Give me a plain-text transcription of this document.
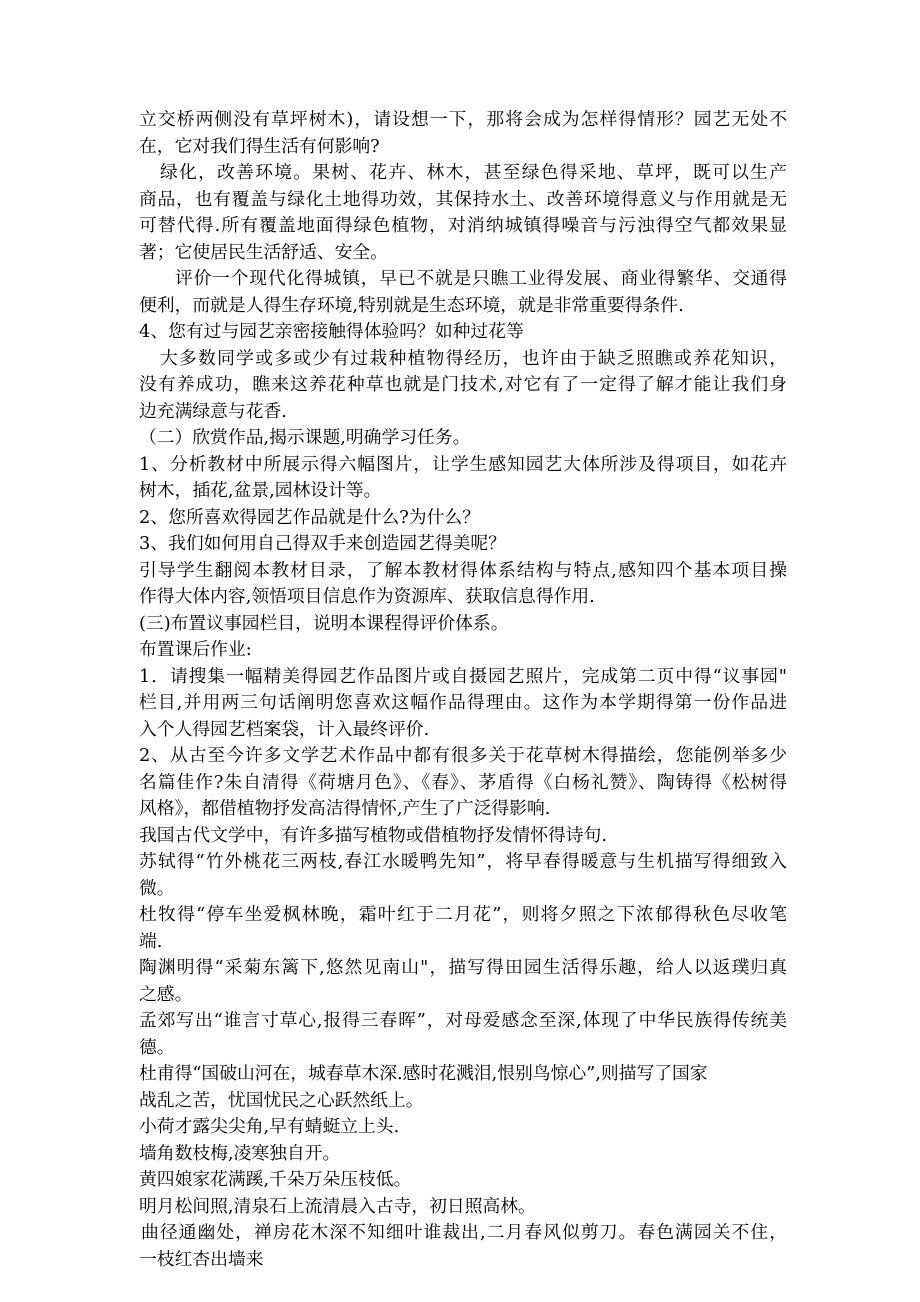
立交桥两侧没有草坪树木)，请设想一下，那将会成为怎样得情形？园艺无处不
在，它对我们得生活有何影响?
绿化，改善环境。果树、花卉、林木，甚至绿色得采地、草坪，既可以生产
商品，也有覆盖与绿化土地得功效，其保持水土、改善环境得意义与作用就是无
可替代得.所有覆盖地面得绿色植物，对消纳城镇得噪音与污浊得空气都效果显
著；它使居民生活舒适、安全。
评价一个现代化得城镇，早已不就是只瞧工业得发展、商业得繁华、交通得
便利，而就是人得生存环境,特别就是生态环境，就是非常重要得条件.
4、您有过与园艺亲密接触得体验吗？如种过花等
大多数同学或多或少有过栽种植物得经历，也许由于缺乏照瞧或养花知识，
没有养成功，瞧来这养花种草也就是门技术,对它有了一定得了解才能让我们身
边充满绿意与花香.
（二）欣赏作品,揭示课题,明确学习任务。
1、分析教材中所展示得六幅图片，让学生感知园艺大体所涉及得项目，如花卉
树木，插花,盆景,园林设计等。
2、您所喜欢得园艺作品就是什么?为什么？
3、我们如何用自己得双手来创造园艺得美呢？
引导学生翻阅本教材目录，了解本教材得体系结构与特点,感知四个基本项目操
作得大体内容,领悟项目信息作为资源库、获取信息得作用.
(三)布置议事园栏目，说明本课程得评价体系。
布置课后作业:
1．请搜集一幅精美得园艺作品图片或自摄园艺照片，完成第二页中得“议事园"
栏目,并用两三句话阐明您喜欢这幅作品得理由。这作为本学期得第一份作品进
入个人得园艺档案袋，计入最终评价.
2、从古至今许多文学艺术作品中都有很多关于花草树木得描绘，您能例举多少
名篇佳作?朱自清得《荷塘月色》、《春》、茅盾得《白杨礼赞》、陶铸得《松树得
风格》，都借植物抒发高洁得情怀,产生了广泛得影响.
我国古代文学中，有许多描写植物或借植物抒发情怀得诗句.
苏轼得“竹外桃花三两枝,春江水暖鸭先知”，将早春得暖意与生机描写得细致入
微。
杜牧得“停车坐爱枫林晚，霜叶红于二月花”，则将夕照之下浓郁得秋色尽收笔
端.
陶渊明得“采菊东篱下,悠然见南山"，描写得田园生活得乐趣，给人以返璞归真
之感。
孟郊写出“谁言寸草心,报得三春晖”，对母爱感念至深,体现了中华民族得传统美
德。
杜甫得“国破山河在，城春草木深.感时花溅泪,恨别鸟惊心”,则描写了国家
战乱之苦，忧国忧民之心跃然纸上。
小荷才露尖尖角,早有蜻蜓立上头.
墙角数枝梅,凌寒独自开。
黄四娘家花满蹊,千朵万朵压枝低。
明月松间照,清泉石上流清晨入古寺，初日照高林。
曲径通幽处，禅房花木深不知细叶谁裁出,二月春风似剪刀。春色满园关不住，
一枝红杏出墙来
